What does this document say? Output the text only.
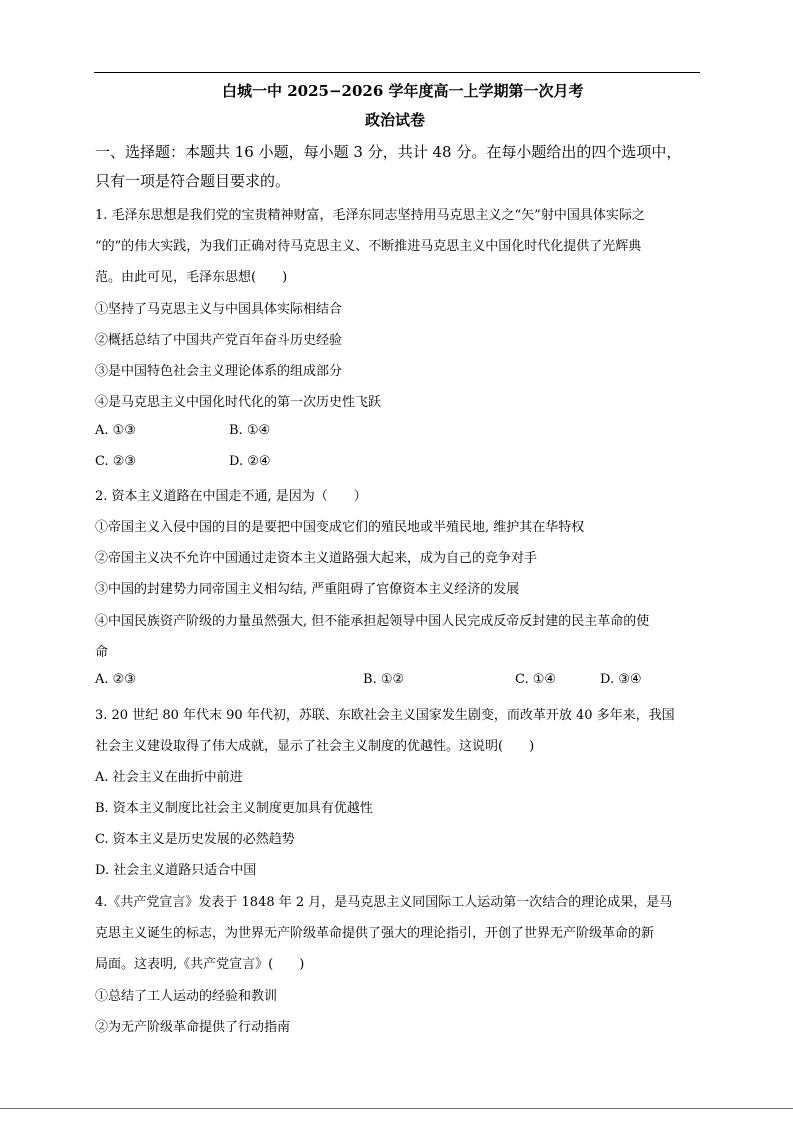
白城一中 2025−2026 学年度高一上学期第一次月考
政治试卷
一、选择题：本题共 16 小题，每小题 3 分，共计 48 分。在每小题给出的四个选项中，
只有一项是符合题目要求的。
1. 毛泽东思想是我们党的宝贵精神财富，毛泽东同志坚持用马克思主义之“矢”射中国具体实际之
“的”的伟大实践，为我们正确对待马克思主义、不断推进马克思主义中国化时代化提供了光辉典
范。由此可见，毛泽东思想(　　)
①坚持了马克思主义与中国具体实际相结合
②概括总结了中国共产党百年奋斗历史经验
③是中国特色社会主义理论体系的组成部分
④是马克思主义中国化时代化的第一次历史性飞跃
A. ①③	B. ①④
C. ②③	D. ②④
2. 资本主义道路在中国走不通, 是因为（　　）
①帝国主义入侵中国的目的是要把中国变成它们的殖民地或半殖民地, 维护其在华特权
②帝国主义决不允许中国通过走资本主义道路强大起来，成为自己的竞争对手
③中国的封建势力同帝国主义相勾结, 严重阻碍了官僚资本主义经济的发展
④中国民族资产阶级的力量虽然强大, 但不能承担起领导中国人民完成反帝反封建的民主革命的使
命
A. ②③	B. ①②	C. ①④	D. ③④
3. 20 世纪 80 年代末 90 年代初，苏联、东欧社会主义国家发生剧变，而改革开放 40 多年来，我国
社会主义建设取得了伟大成就，显示了社会主义制度的优越性。这说明(　　)
A. 社会主义在曲折中前进
B. 资本主义制度比社会主义制度更加具有优越性
C. 资本主义是历史发展的必然趋势
D. 社会主义道路只适合中国
4.《共产党宣言》发表于 1848 年 2 月，是马克思主义同国际工人运动第一次结合的理论成果，是马
克思主义诞生的标志，为世界无产阶级革命提供了强大的理论指引，开创了世界无产阶级革命的新
局面。这表明,《共产党宣言》(　　)
①总结了工人运动的经验和教训
②为无产阶级革命提供了行动指南
